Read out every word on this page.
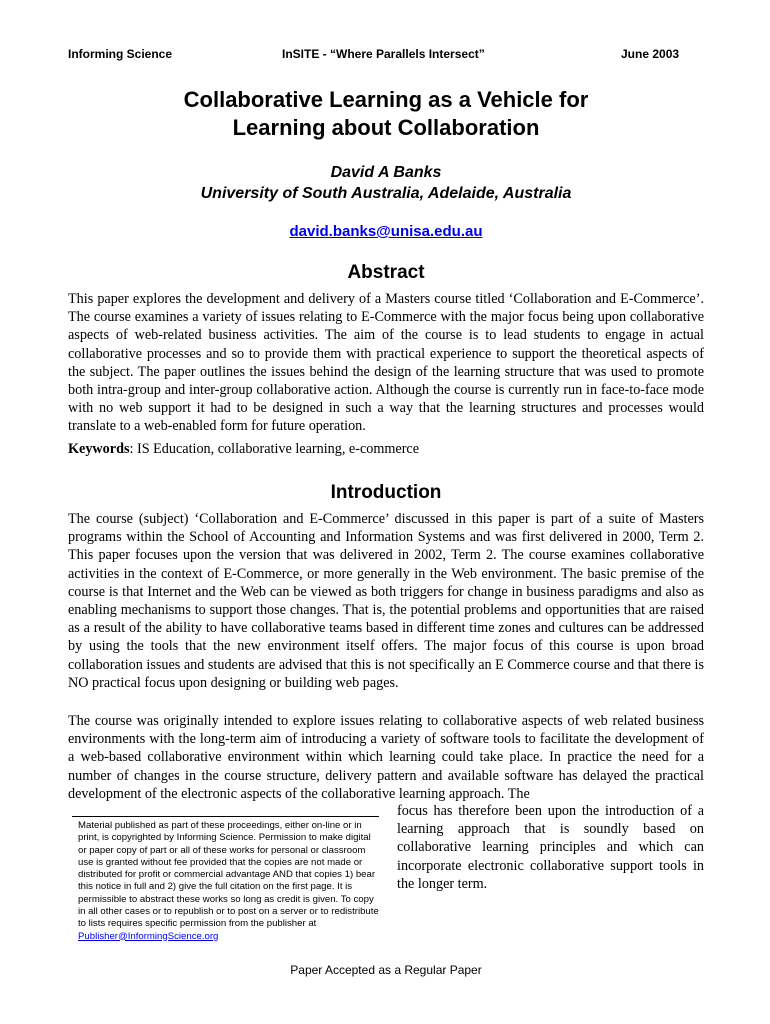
Informing Science	InSITE - “Where Parallels Intersect”	June 2003
Collaborative Learning as a Vehicle for
Learning about Collaboration
David A Banks
University of South Australia, Adelaide, Australia
david.banks@unisa.edu.au
Abstract

This paper explores the development and delivery of a Masters course titled ‘Collaboration and E-Commerce’. The course examines a variety of issues relating to E-Commerce with the major focus being upon collaborative aspects of web-related business activities. The aim of the course is to lead students to engage in actual collaborative processes and so to provide them with practical experience to support the theoretical aspects of the subject. The paper outlines the issues behind the design of the learning structure that was used to promote both intra-group and inter-group collaborative action. Although the course is currently run in face-to-face mode with no web support it had to be designed in such a way that the learning structures and processes would translate to a web-enabled form for future operation.

Keywords: IS Education, collaborative learning, e-commerce

Introduction

The course (subject) ‘Collaboration and E-Commerce’ discussed in this paper is part of a suite of Masters programs within the School of Accounting and Information Systems and was first delivered in 2000, Term 2. This paper focuses upon the version that was delivered in 2002, Term 2. The course examines collaborative activities in the context of E-Commerce, or more generally in the Web environment. The basic premise of the course is that Internet and the Web can be viewed as both triggers for change in business paradigms and also as enabling mechanisms to support those changes. That is, the potential problems and opportunities that are raised as a result of the ability to have collaborative teams based in different time zones and cultures can be addressed by using the tools that the new environment itself offers. The major focus of this course is upon broad collaboration issues and students are advised that this is not specifically an E Commerce course and that there is NO practical focus upon designing or building web pages.

The course was originally intended to explore issues relating to collaborative aspects of web related business environments with the long-term aim of introducing a variety of software tools to facilitate the development of a web-based collaborative environment within which learning could take place. In practice the need for a number of changes in the course structure, delivery pattern and available software has delayed the practical development of the electronic aspects of the collaborative learning approach. The

focus has therefore been upon the introduction of a learning approach that is soundly based on collaborative learning principles and which can incorporate electronic collaborative support tools in the longer term.

Material published as part of these proceedings, either on-line or in print, is copyrighted by Informing Science. Permission to make digital or paper copy of part or all of these works for personal or classroom use is granted without fee provided that the copies are not made or distributed for profit or commercial advantage AND that copies 1) bear this notice in full and 2) give the full citation on the first page. It is permissible to abstract these works so long as credit is given. To copy in all other cases or to republish or to post on a server or to redistribute to lists requires specific permission from the publisher at Publisher@InformingScience.org

Paper Accepted as a Regular Paper
